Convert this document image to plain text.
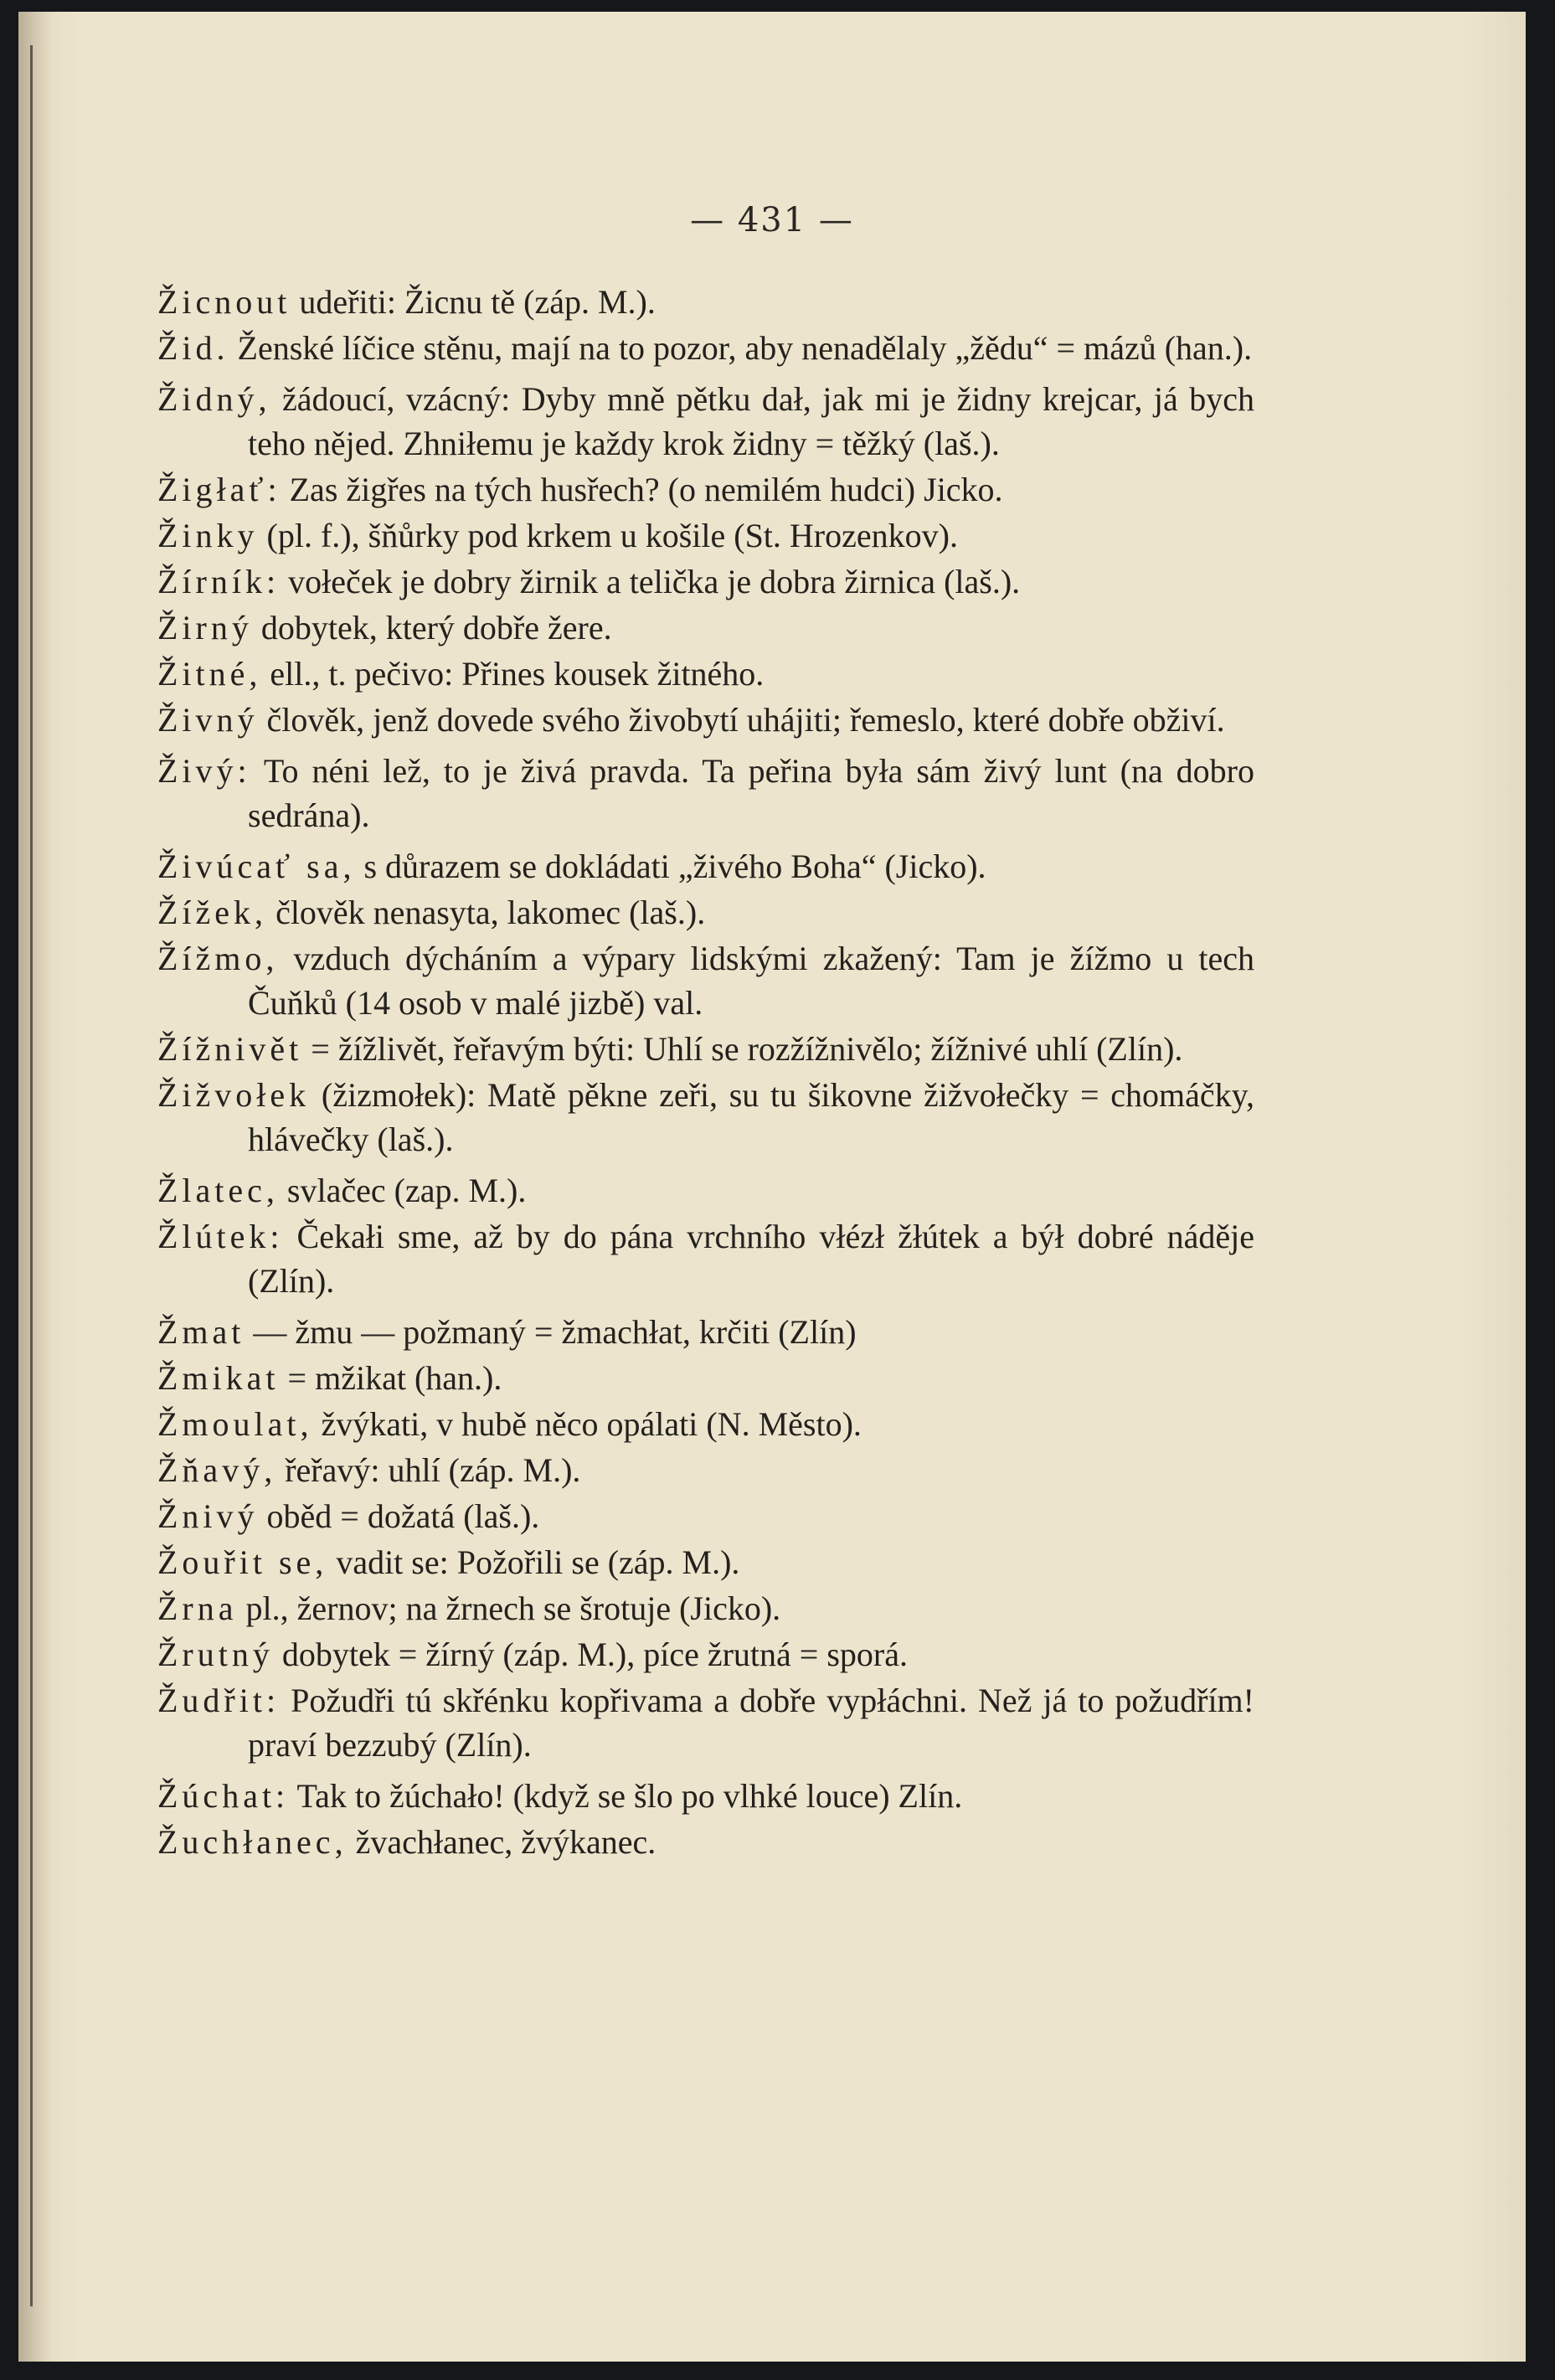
— 431 —
Žicnout udeřiti: Žicnu tě (záp. M.).
Žid. Ženské líčice stěnu, mají na to pozor, aby nenadělaly „žědu“ = mázů (han.).
Židný, žádoucí, vzácný: Dyby mně pětku dał, jak mi je židny krejcar, já bych teho nějed. Zhniłemu je každy krok židny = těžký (laš.).
Žigłať: Zas žigřes na tých husřech? (o nemilém hudci) Jicko.
Žinky (pl. f.), šňůrky pod krkem u košile (St. Hrozenkov).
Žírník: vołeček je dobry žirnik a telička je dobra žirnica (laš.).
Žirný dobytek, který dobře žere.
Žitné, ell., t. pečivo: Přines kousek žitného.
Živný člověk, jenž dovede svého živobytí uhájiti; řemeslo, které dobře obživí.
Živý: To néni lež, to je živá pravda. Ta peřina była sám živý lunt (na dobro sedrána).
Živúcať sa, s důrazem se dokládati „živého Boha“ (Jicko).
Žížek, člověk nenasyta, lakomec (laš.).
Žížmo, vzduch dýcháním a výpary lidskými zkažený: Tam je žížmo u tech Čuňků (14 osob v malé jizbě) val.
Žížnivět = žížlivět, řeřavým býti: Uhlí se rozžížnivělo; žížnivé uhlí (Zlín).
Žižvołek (žizmołek): Matě pěkne zeři, su tu šikovne žižvołečky = chomáčky, hlávečky (laš.).
Žlatec, svlačec (zap. M.).
Žlútek: Čekałi sme, až by do pána vrchního vłézł žłútek a býł dobré náděje (Zlín).
Žmat — žmu — požmaný = žmachłat, krčiti (Zlín)
Žmikat = mžikat (han.).
Žmoulat, žvýkati, v hubě něco opálati (N. Město).
Žňavý, řeřavý: uhlí (záp. M.).
Žnivý oběd = dožatá (laš.).
Žouřit se, vadit se: Požořili se (záp. M.).
Žrna pl., žernov; na žrnech se šrotuje (Jicko).
Žrutný dobytek = žírný (záp. M.), píce žrutná = sporá.
Žudřit: Požudři tú skřénku kopřivama a dobře vypłáchni. Než já to požudřím! praví bezzubý (Zlín).
Žúchat: Tak to žúchało! (když se šlo po vlhké louce) Zlín.
Žuchłanec, žvachłanec, žvýkanec.
